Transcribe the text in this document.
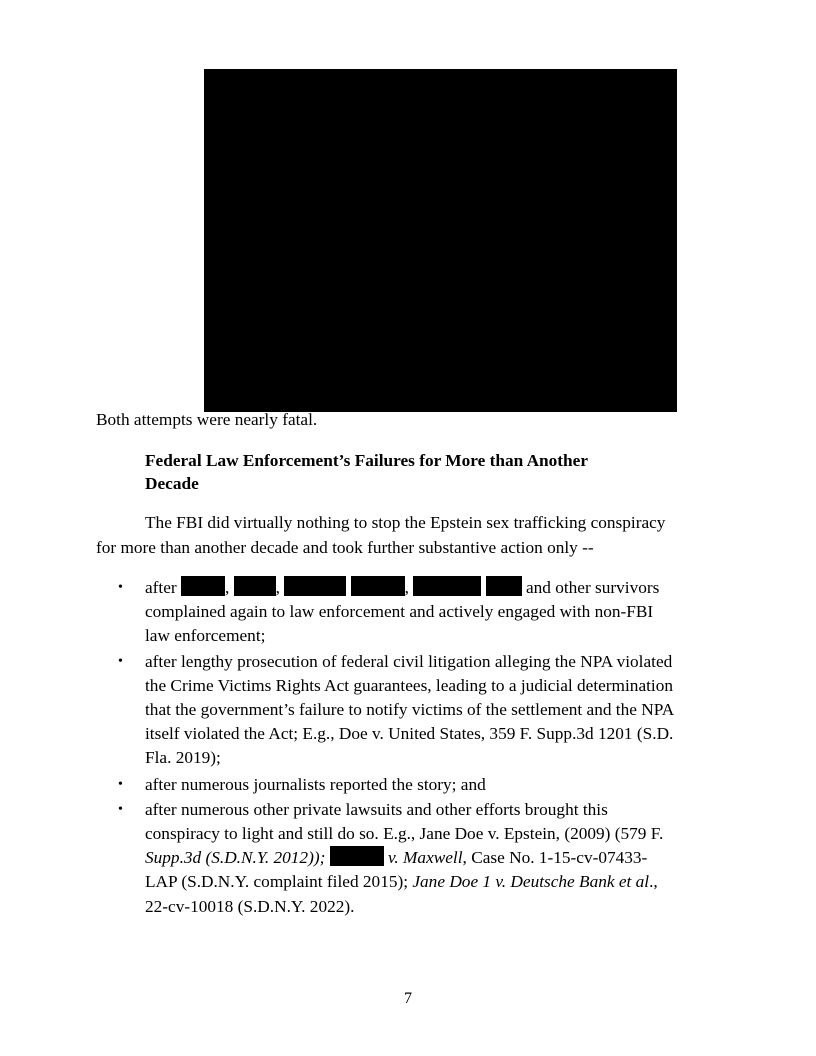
Both attempts were nearly fatal.
Federal Law Enforcement’s Failures for More than Another
Decade
The FBI did virtually nothing to stop the Epstein sex trafficking conspiracy
for more than another decade and took further substantive action only --
• after	,	,	,	and other survivors
complained again to law enforcement and actively engaged with non-FBI
law enforcement;
• after lengthy prosecution of federal civil litigation alleging the NPA violated
the Crime Victims Rights Act guarantees, leading to a judicial determination
that the government’s failure to notify victims of the settlement and the NPA
itself violated the Act; E.g., Doe v. United States, 359 F. Supp.3d 1201 (S.D.
Fla. 2019);
• after numerous journalists reported the story; and
• after numerous other private lawsuits and other efforts brought this
conspiracy to light and still do so. E.g., Jane Doe v. Epstein, (2009) (579 F.
Supp.3d (S.D.N.Y. 2012));	v. Maxwell, Case No. 1-15-cv-07433-
LAP (S.D.N.Y. complaint filed 2015); Jane Doe 1 v. Deutsche Bank et al.,
22-cv-10018 (S.D.N.Y. 2022).
7
